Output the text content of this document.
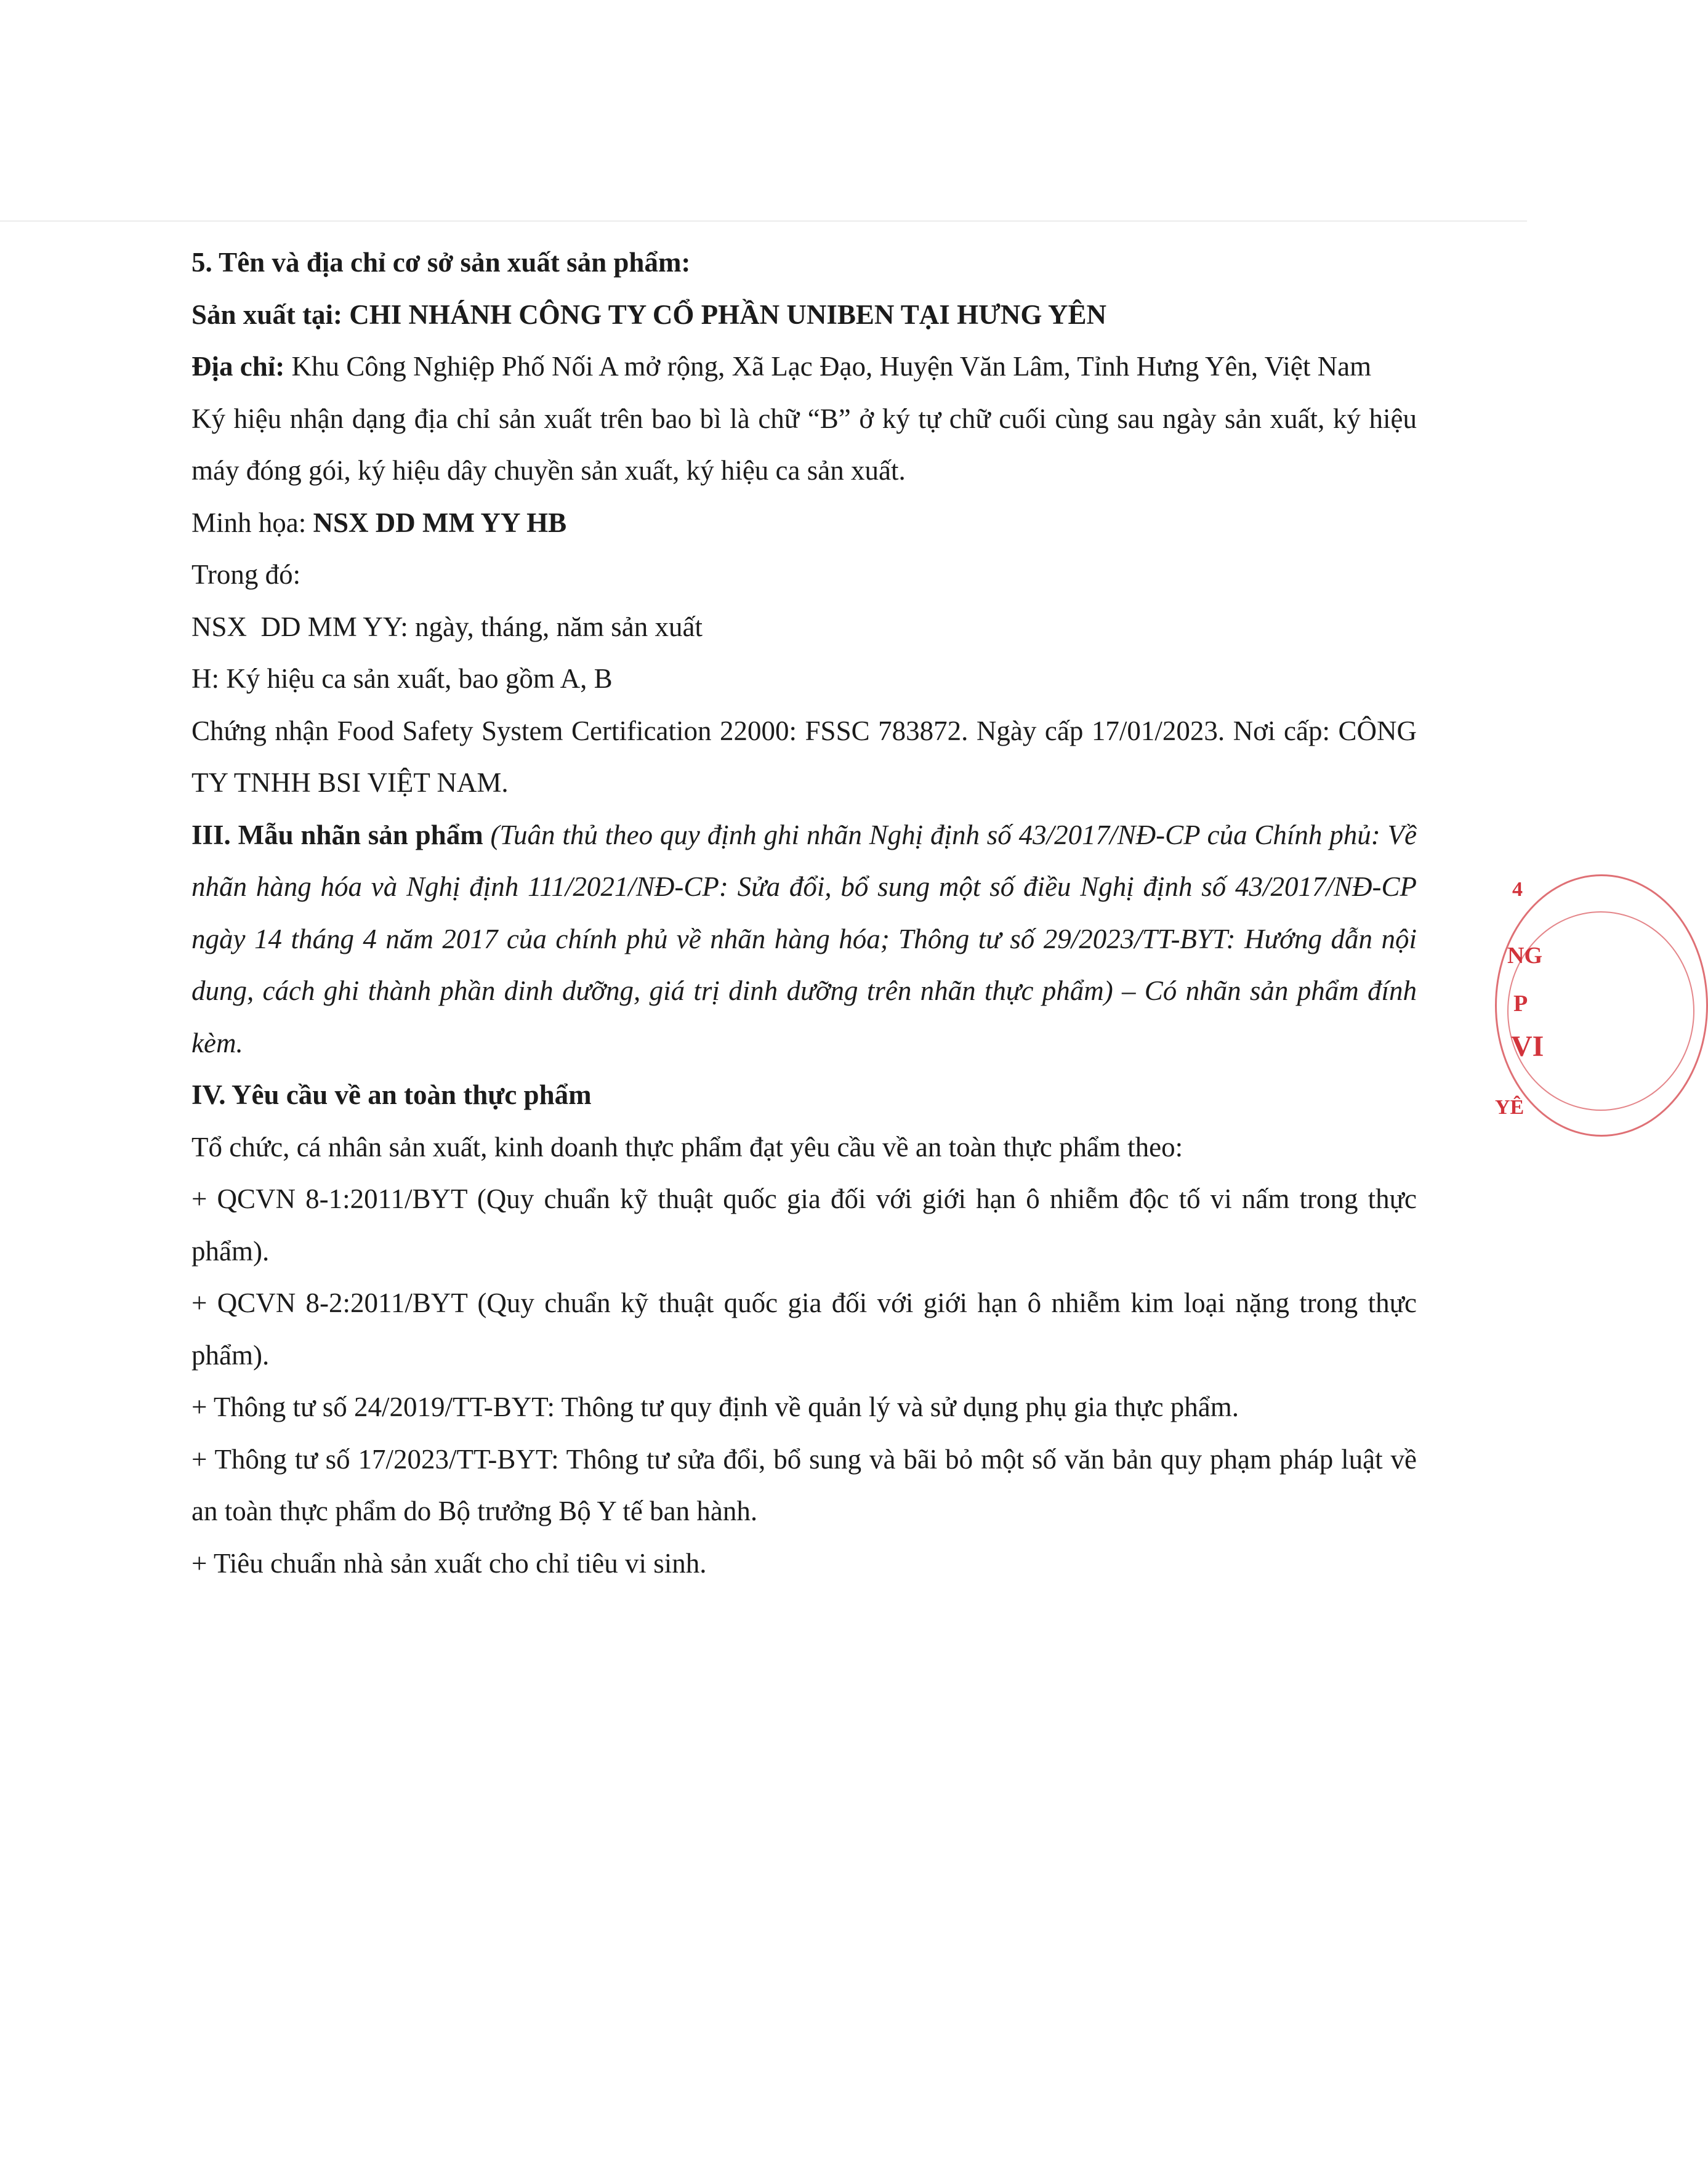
5. Tên và địa chỉ cơ sở sản xuất sản phẩm:

Sản xuất tại: CHI NHÁNH CÔNG TY CỔ PHẦN UNIBEN TẠI HƯNG YÊN

Địa chỉ: Khu Công Nghiệp Phố Nối A mở rộng, Xã Lạc Đạo, Huyện Văn Lâm, Tỉnh Hưng Yên, Việt Nam

Ký hiệu nhận dạng địa chỉ sản xuất trên bao bì là chữ “B” ở ký tự chữ cuối cùng sau ngày sản xuất, ký hiệu máy đóng gói, ký hiệu dây chuyền sản xuất, ký hiệu ca sản xuất.

Minh họa: NSX DD MM YY HB

Trong đó:

NSX  DD MM YY: ngày, tháng, năm sản xuất

H: Ký hiệu ca sản xuất, bao gồm A, B

Chứng nhận Food Safety System Certification 22000: FSSC 783872. Ngày cấp 17/01/2023. Nơi cấp: CÔNG TY TNHH BSI VIỆT NAM.

III. Mẫu nhãn sản phẩm (Tuân thủ theo quy định ghi nhãn Nghị định số 43/2017/NĐ-CP của Chính phủ: Về nhãn hàng hóa và Nghị định 111/2021/NĐ-CP: Sửa đổi, bổ sung một số điều Nghị định số 43/2017/NĐ-CP ngày 14 tháng 4 năm 2017 của chính phủ về nhãn hàng hóa; Thông tư số 29/2023/TT-BYT: Hướng dẫn nội dung, cách ghi thành phần dinh dưỡng, giá trị dinh dưỡng trên nhãn thực phẩm) – Có nhãn sản phẩm đính kèm.

IV. Yêu cầu về an toàn thực phẩm

Tổ chức, cá nhân sản xuất, kinh doanh thực phẩm đạt yêu cầu về an toàn thực phẩm theo:

+ QCVN 8-1:2011/BYT (Quy chuẩn kỹ thuật quốc gia đối với giới hạn ô nhiễm độc tố vi nấm trong thực phẩm).

+ QCVN 8-2:2011/BYT (Quy chuẩn kỹ thuật quốc gia đối với giới hạn ô nhiễm kim loại nặng trong thực phẩm).

+ Thông tư số 24/2019/TT-BYT: Thông tư quy định về quản lý và sử dụng phụ gia thực phẩm.

+ Thông tư số 17/2023/TT-BYT: Thông tư sửa đổi, bổ sung và bãi bỏ một số văn bản quy phạm pháp luật về an toàn thực phẩm do Bộ trưởng Bộ Y tế ban hành.

+ Tiêu chuẩn nhà sản xuất cho chỉ tiêu vi sinh.

4
NG
P
VI
YÊ
